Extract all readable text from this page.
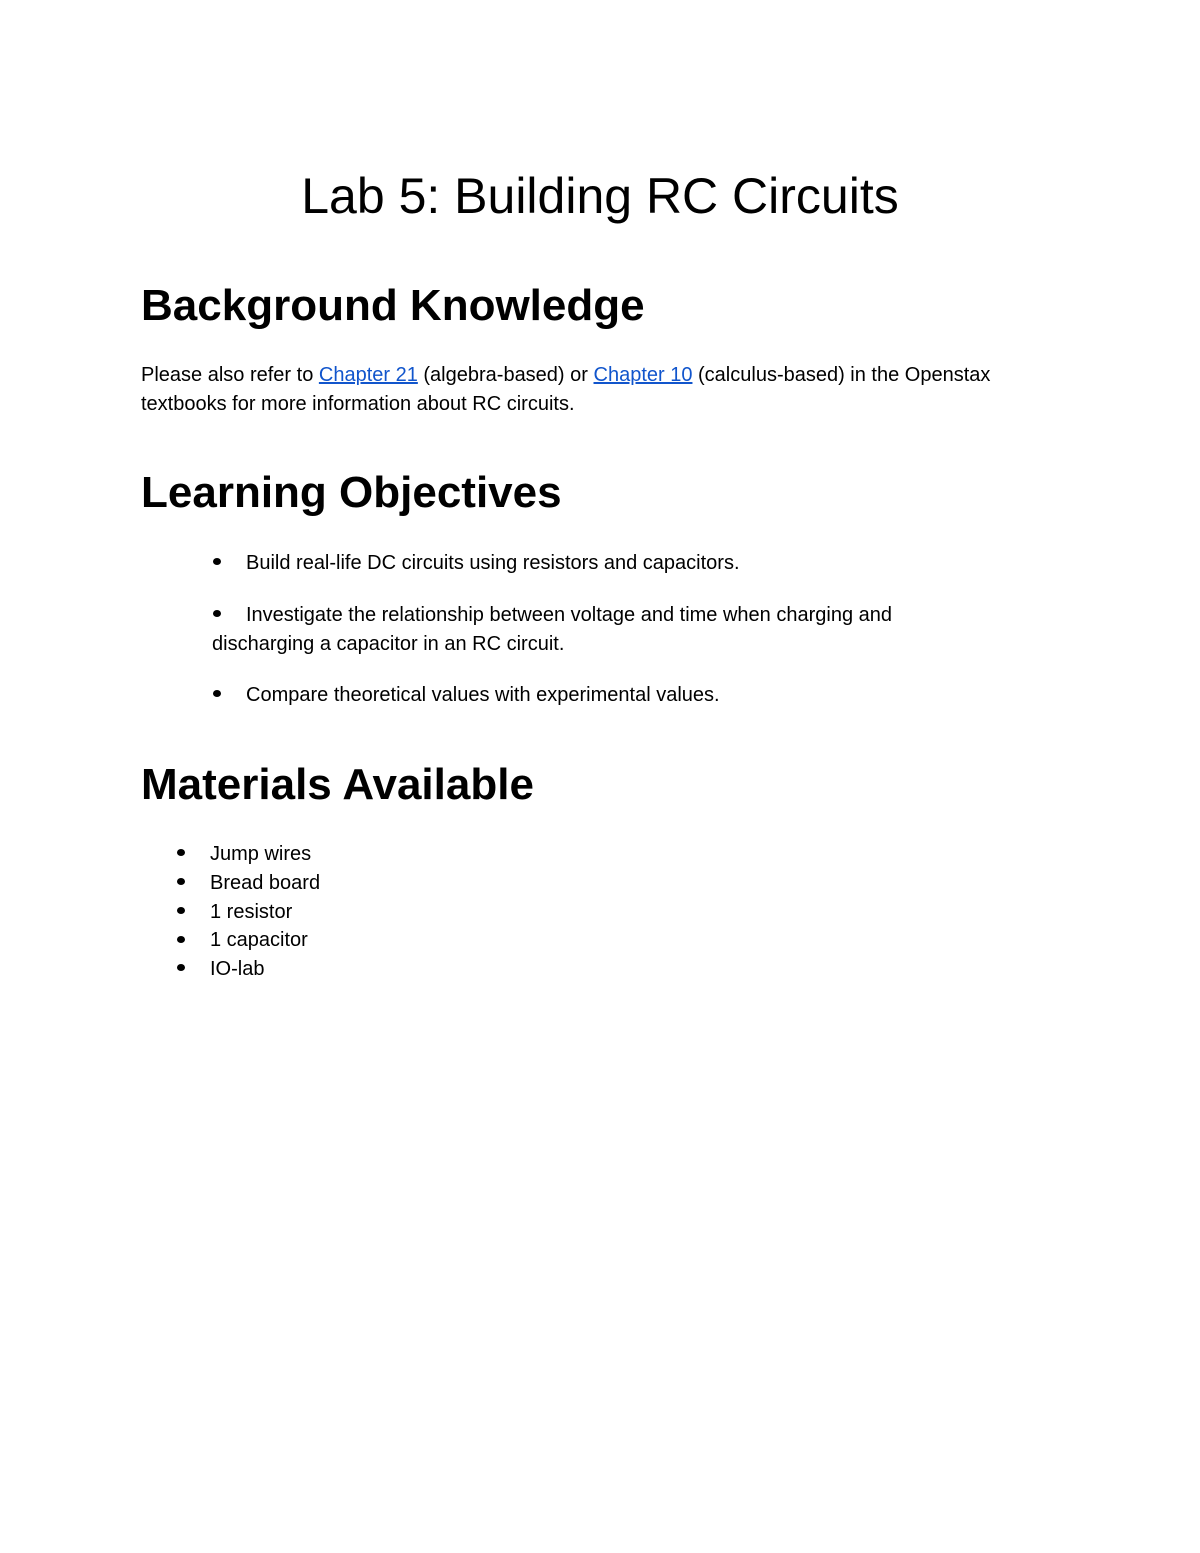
Lab 5: Building RC Circuits
Background Knowledge

Please also refer to Chapter 21 (algebra-based) or Chapter 10 (calculus-based) in the Openstax textbooks for more information about RC circuits.

Learning Objectives
Build real-life DC circuits using resistors and capacitors.
Investigate the relationship between voltage and time when charging and discharging a capacitor in an RC circuit.
Compare theoretical values with experimental values.
Materials Available
Jump wires
Bread board
1 resistor
1 capacitor
IO-lab
